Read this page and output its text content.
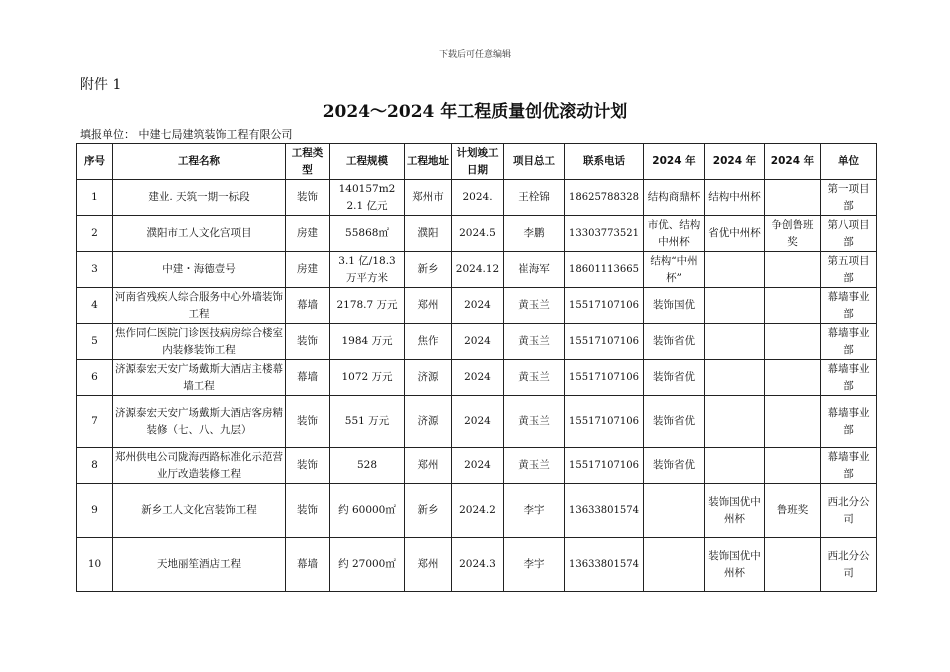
下载后可任意编辑
附件 1
2024～2024 年工程质量创优滚动计划
填报单位： 中建七局建筑装饰工程有限公司
序号	工程名称	工程类型	工程规模	工程地址	计划竣工日期	项目总工	联系电话	2024 年	2024 年	2024 年	单位
1	建业. 天筑一期一标段	装饰	140157m2 2.1 亿元	郑州市	2024.	王栓锦	18625788328	结构商鼎杯	结构中州杯		第一项目部
2	濮阳市工人文化宫项目	房建	55868㎡	濮阳	2024.5	李鹏	13303773521	市优、结构中州杯	省优中州杯	争创鲁班奖	第八项目部
3	中建・海德壹号	房建	3.1 亿/18.3 万平方米	新乡	2024.12	崔海军	18601113665	结构“中州杯”			第五项目部
4	河南省残疾人综合服务中心外墙装饰工程	幕墙	2178.7 万元	郑州	2024	黄玉兰	15517107106	装饰国优			幕墙事业部
5	焦作同仁医院门诊医技病房综合楼室内装修装饰工程	装饰	1984 万元	焦作	2024	黄玉兰	15517107106	装饰省优			幕墙事业部
6	济源泰宏天安广场戴斯大酒店主楼幕墙工程	幕墙	1072 万元	济源	2024	黄玉兰	15517107106	装饰省优			幕墙事业部
7	济源泰宏天安广场戴斯大酒店客房精装修（七、八、九层）	装饰	551 万元	济源	2024	黄玉兰	15517107106	装饰省优			幕墙事业部
8	郑州供电公司陇海西路标准化示范营业厅改造装修工程	装饰	528	郑州	2024	黄玉兰	15517107106	装饰省优			幕墙事业部
9	新乡工人文化宫装饰工程	装饰	约 60000㎡	新乡	2024.2	李宇	13633801574		装饰国优中州杯	鲁班奖	西北分公司
10	天地丽笙酒店工程	幕墙	约 27000㎡	郑州	2024.3	李宇	13633801574		装饰国优中州杯		西北分公司
